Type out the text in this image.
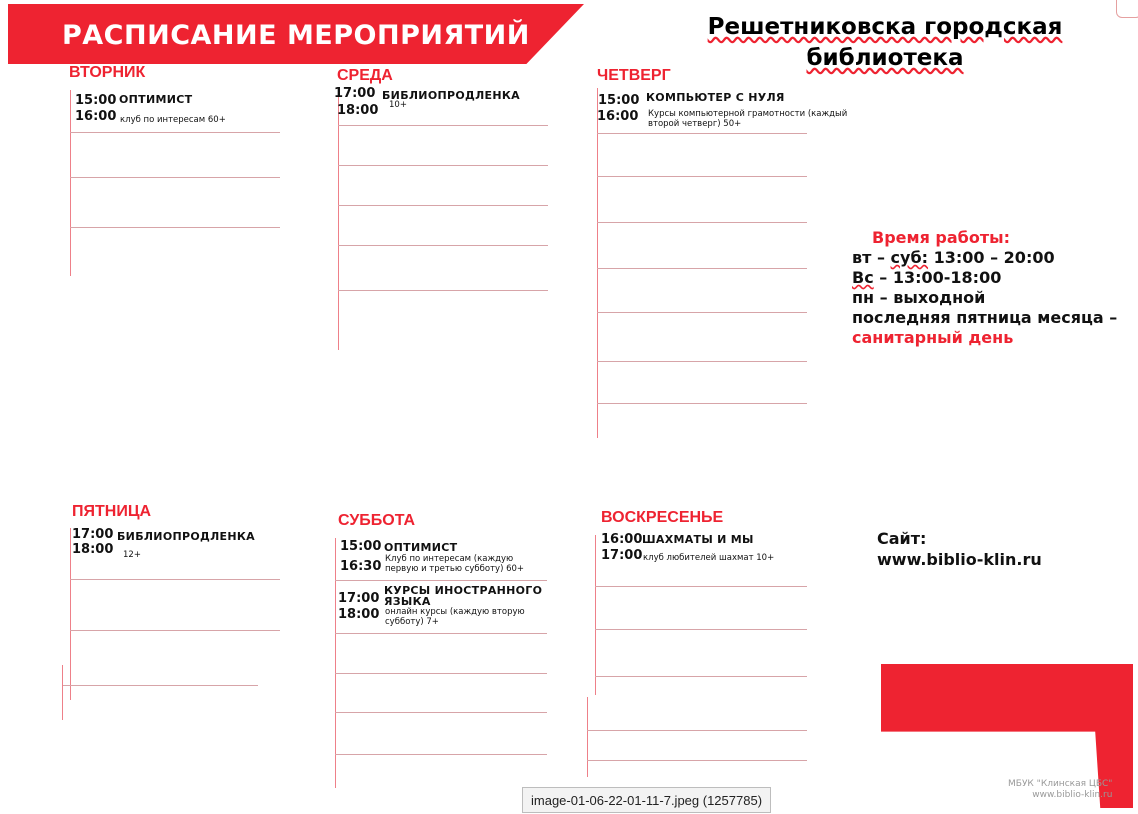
РАСПИСАНИЕ МЕРОПРИЯТИЙ	Решетниковска городская
библиотека
ВТОРНИК
15:00 ОПТИМИСТ
16:00 клуб по интересам 60+
СРЕДА
17:00 БИБЛИОПРОДЛЕНКА
18:00 10+
ЧЕТВЕРГ
15:00 КОМПЬЮТЕР С НУЛЯ
16:00 Курсы компьютерной грамотности (каждый
второй четверг) 50+
Время работы:
вт – суб: 13:00 – 20:00
Вс – 13:00-18:00
пн – выходной
последняя пятница месяца –
санитарный день
ПЯТНИЦА
17:00 БИБЛИОПРОДЛЕНКА
18:00 12+
СУББОТА
15:00 ОПТИМИСТ
16:30 Клуб по интересам (каждую
первую и третью субботу) 60+
17:00
КУРСЫ ИНОСТРАННОГО
ЯЗЫКА
18:00 онлайн курсы (каждую вторую
субботу) 7+
ВОСКРЕСЕНЬЕ
16:00 ШАХМАТЫ И МЫ
17:00 клуб любителей шахмат 10+
Сайт:
www.biblio-klin.ru
МБУК "Клинская ЦБС"
www.biblio-klin.ru
image-01-06-22-01-11-7.jpeg (1257785)
